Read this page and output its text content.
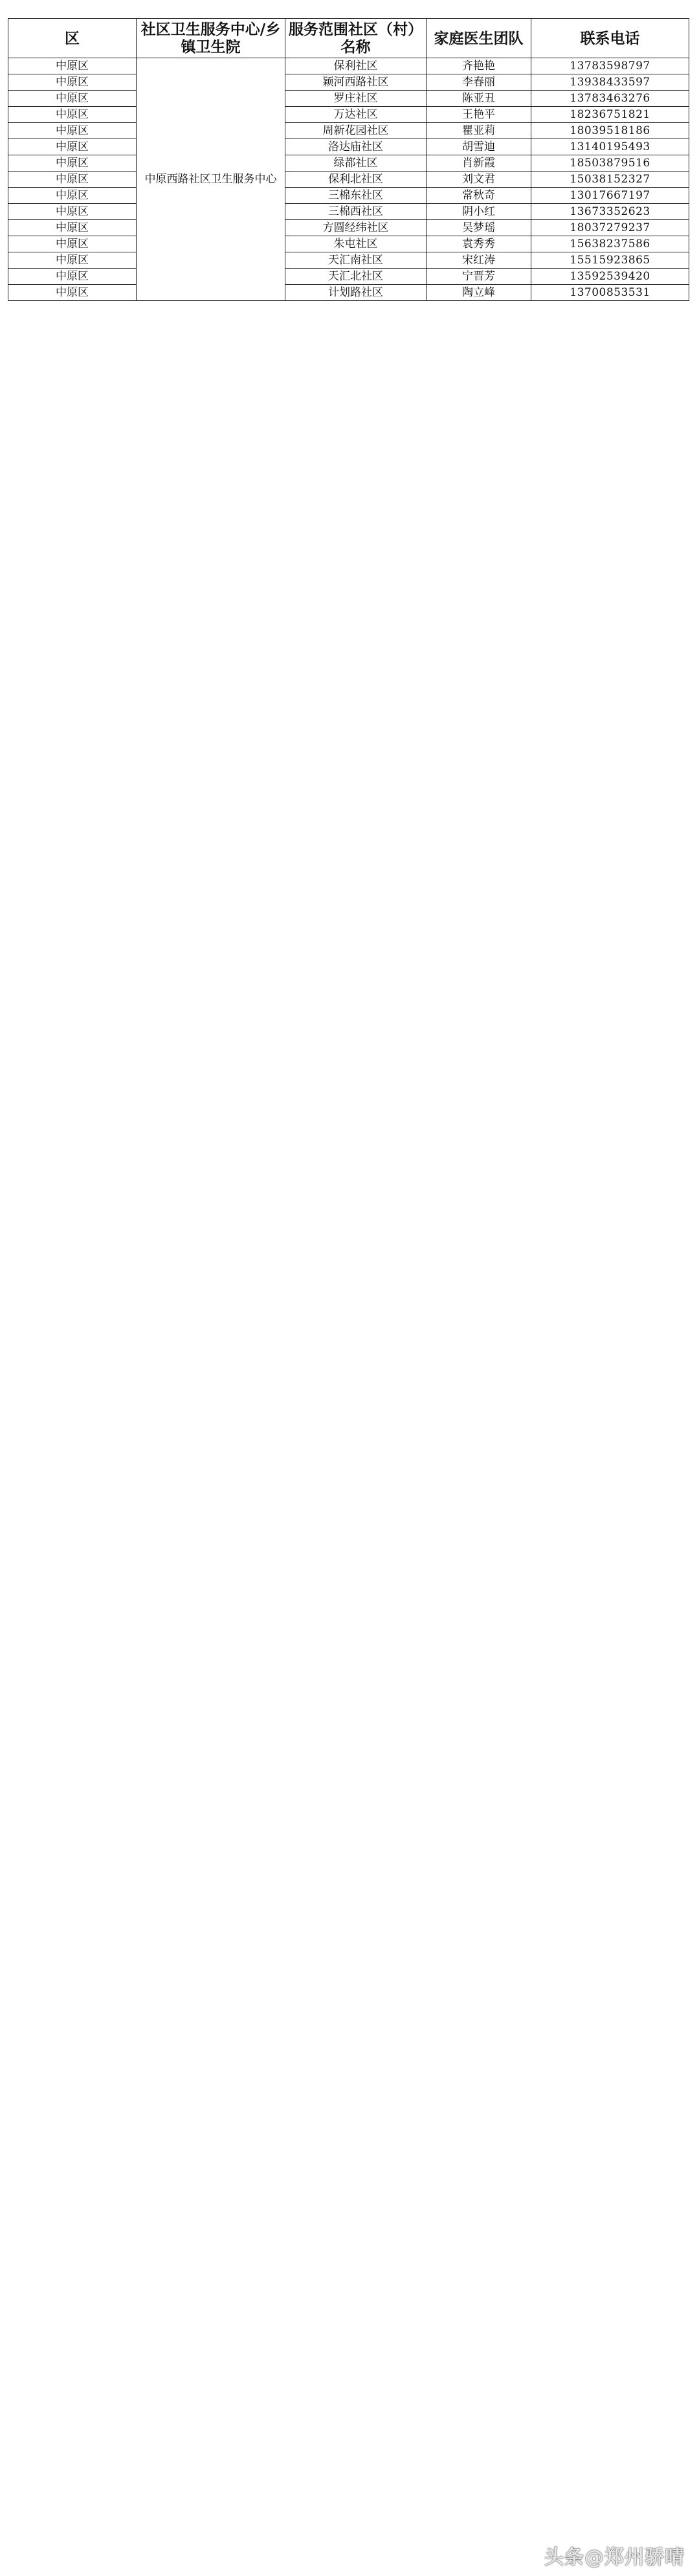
区	社区卫生服务中心/乡镇卫生院	服务范围社区（村）名称	家庭医生团队	联系电话
中原区	中原西路社区卫生服务中心	保利社区	齐艳艳	13783598797
中原区		颖河西路社区	李春丽	13938433597
中原区		罗庄社区	陈亚丑	13783463276
中原区		万达社区	王艳平	18236751821
中原区		周新花园社区	瞿亚莉	18039518186
中原区		洛达庙社区	胡雪迪	13140195493
中原区		绿都社区	肖新霞	18503879516
中原区		保利北社区	刘文君	15038152327
中原区		三棉东社区	常秋奇	13017667197
中原区		三棉西社区	阴小红	13673352623
中原区		方圆经纬社区	吴梦瑶	18037279237
中原区		朱屯社区	袁秀秀	15638237586
中原区		天汇南社区	宋红涛	15515923865
中原区		天汇北社区	宁晋芳	13592539420
中原区		计划路社区	陶立峰	13700853531
头条@郑州骄晴
